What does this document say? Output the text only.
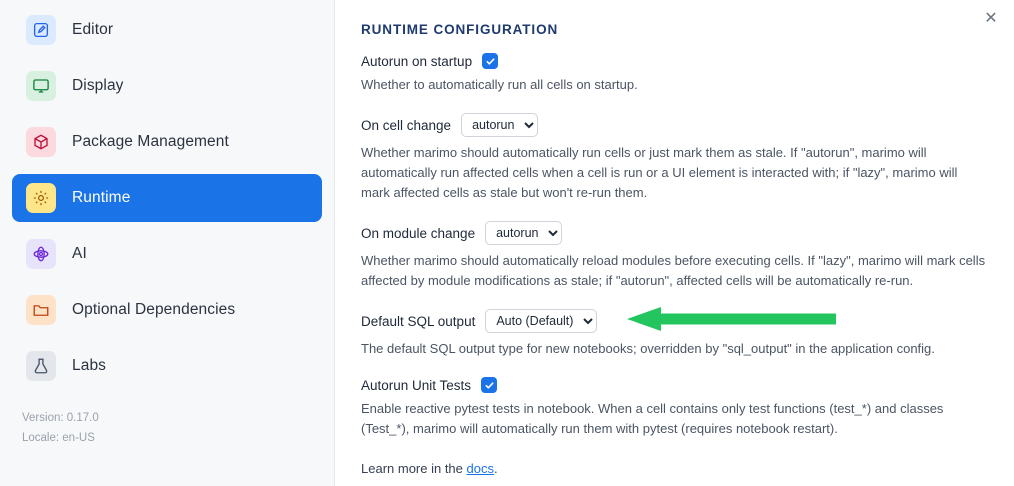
Editor
Display
Package Management
Runtime
AI
Optional Dependencies
Labs
Version: 0.17.0
Locale: en-US
✕
RUNTIME CONFIGURATION
Autorun on startup

Whether to automatically run all cells on startup.

On cell change
autorun

Whether marimo should automatically run cells or just mark them as stale. If "autorun", marimo will automatically run affected cells when a cell is run or a UI element is interacted with; if "lazy", marimo will mark affected cells as stale but won't re-run them.

On module change
autorun

Whether marimo should automatically reload modules before executing cells. If "lazy", marimo will mark cells affected by module modifications as stale; if "autorun", affected cells will be automatically re-run.

Default SQL output
Auto (Default)

The default SQL output type for new notebooks; overridden by "sql_output" in the application config.

Autorun Unit Tests

Enable reactive pytest tests in notebook. When a cell contains only test functions (test_*) and classes (Test_*), marimo will automatically run them with pytest (requires notebook restart).

Learn more in the docs.
